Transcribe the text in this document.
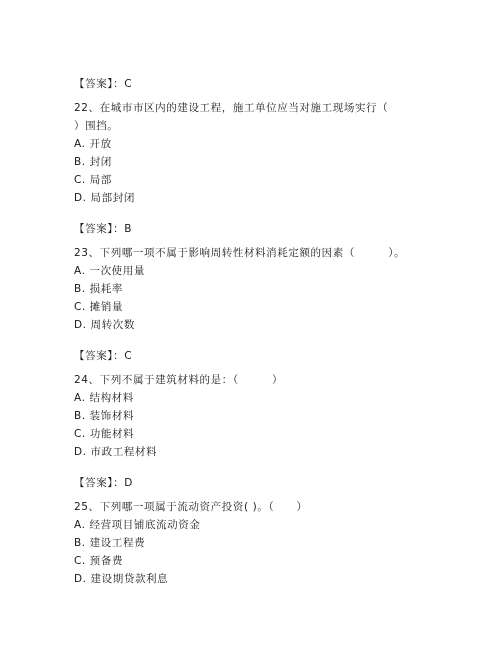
【答案】：C
22、在城市市区内的建设工程，施工单位应当对施工现场实行（
）围挡。
A. 开放
B. 封闭
C. 局部
D. 局部封闭
【答案】：B
23、下列哪一项不属于影响周转性材料消耗定额的因素（　　　）。
A. 一次使用量
B. 损耗率
C. 摊销量
D. 周转次数
【答案】：C
24、下列不属于建筑材料的是：（　　　）
A. 结构材料
B. 装饰材料
C. 功能材料
D. 市政工程材料
【答案】：D
25、下列哪一项属于流动资产投资( )。（　　）
A. 经营项目铺底流动资金
B. 建设工程费
C. 预备费
D. 建设期贷款利息
